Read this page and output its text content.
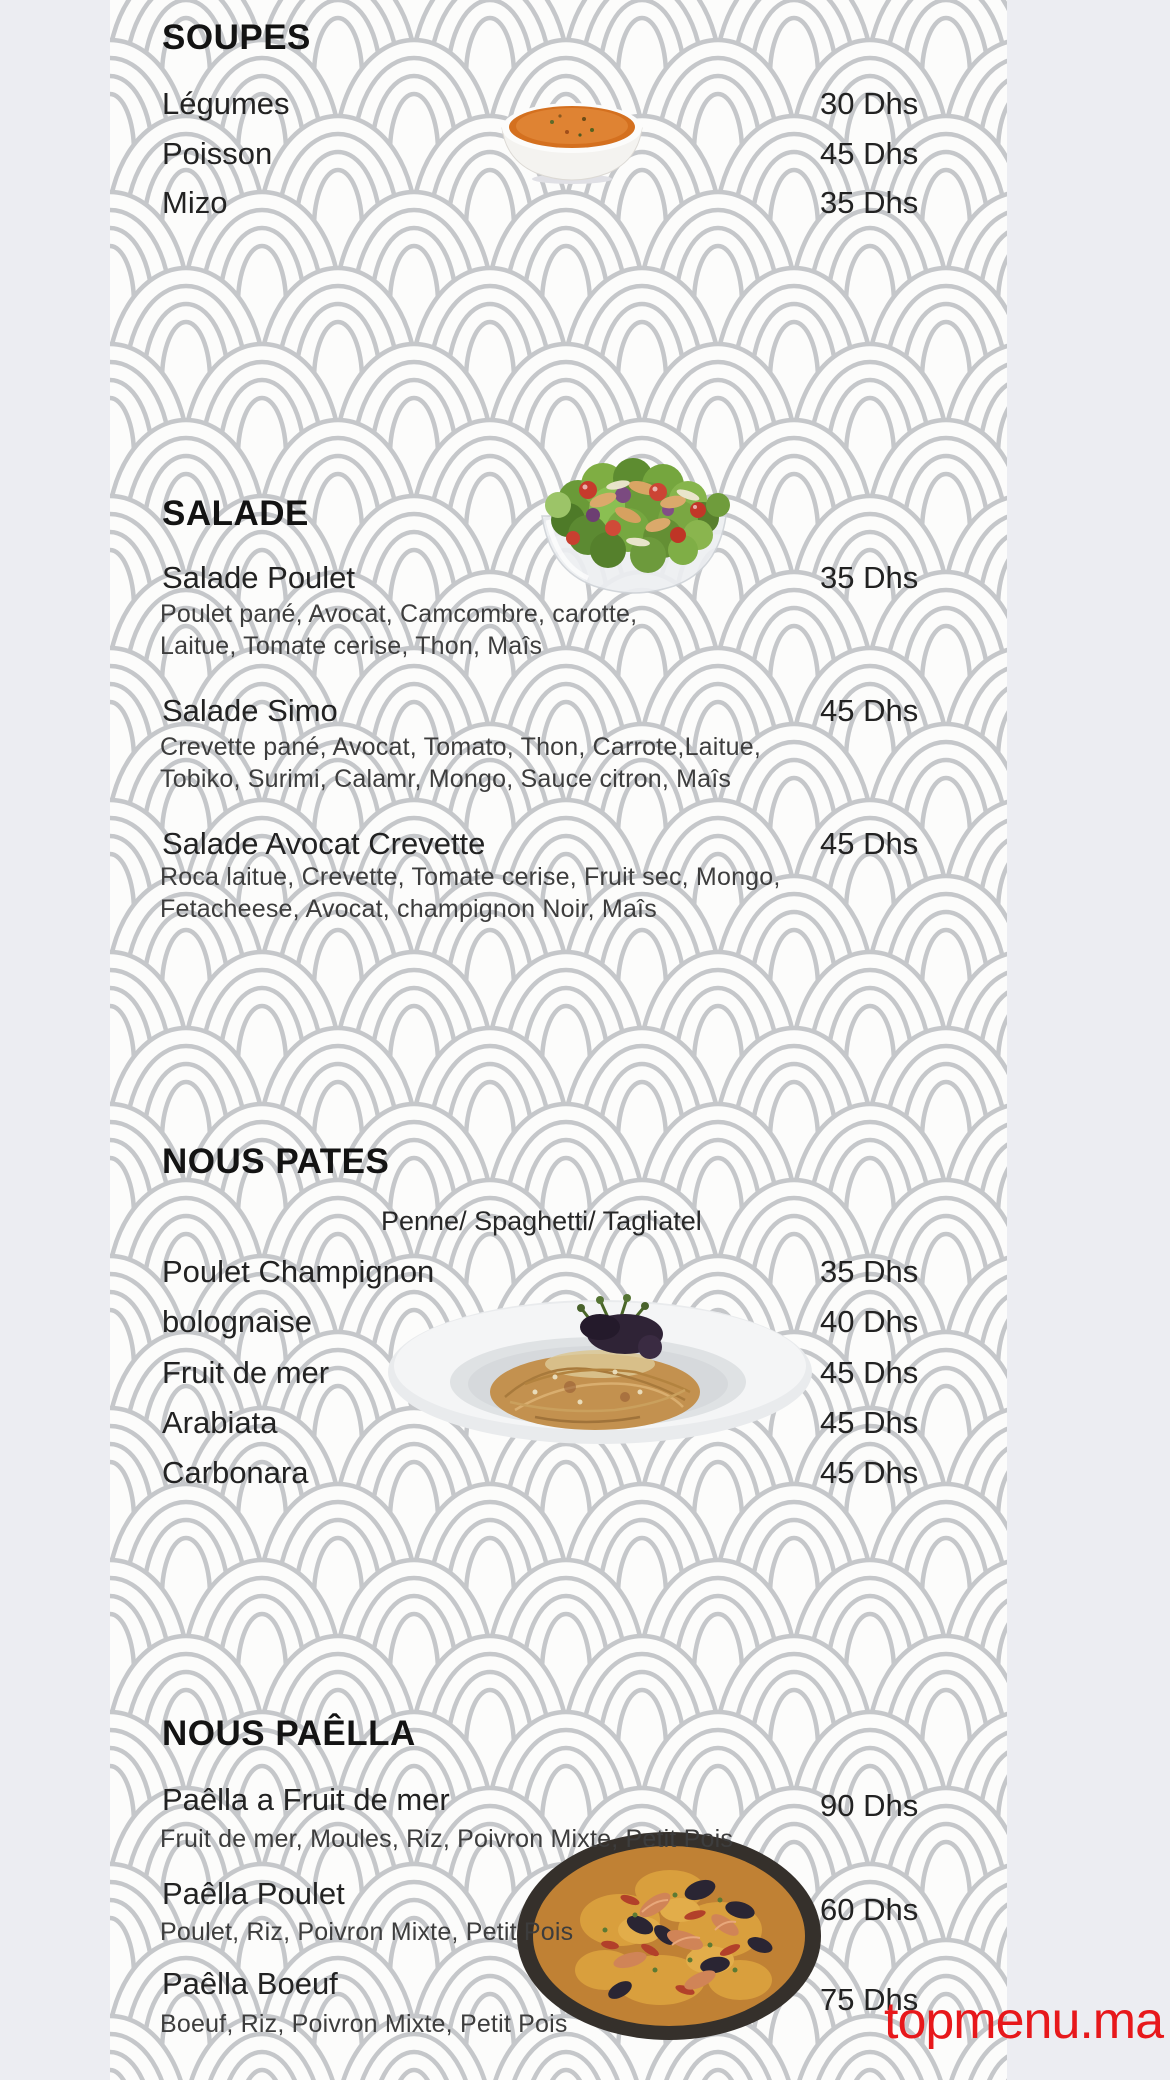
SOUPES
Légumes	30 Dhs
Poisson	45 Dhs
Mizo	35 Dhs
SALADE
Salade Poulet	35 Dhs
Poulet pané, Avocat, Camcombre, carotte,
Laitue, Tomate cerise, Thon, Maîs
Salade Simo	45 Dhs
Crevette pané, Avocat, Tomato, Thon, Carrote,Laitue,
Tobiko, Surimi, Calamr, Mongo, Sauce citron, Maîs
Salade Avocat Crevette	45 Dhs
Roca laitue, Crevette, Tomate cerise, Fruit sec, Mongo,
Fetacheese, Avocat, champignon Noir, Maîs
NOUS PATES
Penne/ Spaghetti/ Tagliatel
Poulet Champignon	35 Dhs
bolognaise	40 Dhs
Fruit de mer	45 Dhs
Arabiata	45 Dhs
Carbonara	45 Dhs
NOUS PAÊLLA
Paêlla a Fruit de mer	90 Dhs
Fruit de mer, Moules, Riz, Poivron Mixte, Petit Pois
Paêlla Poulet	60 Dhs
Poulet, Riz, Poivron Mixte, Petit Pois
Paêlla Boeuf	75 Dhs
Boeuf, Riz, Poivron Mixte, Petit Pois	topmenu.ma
